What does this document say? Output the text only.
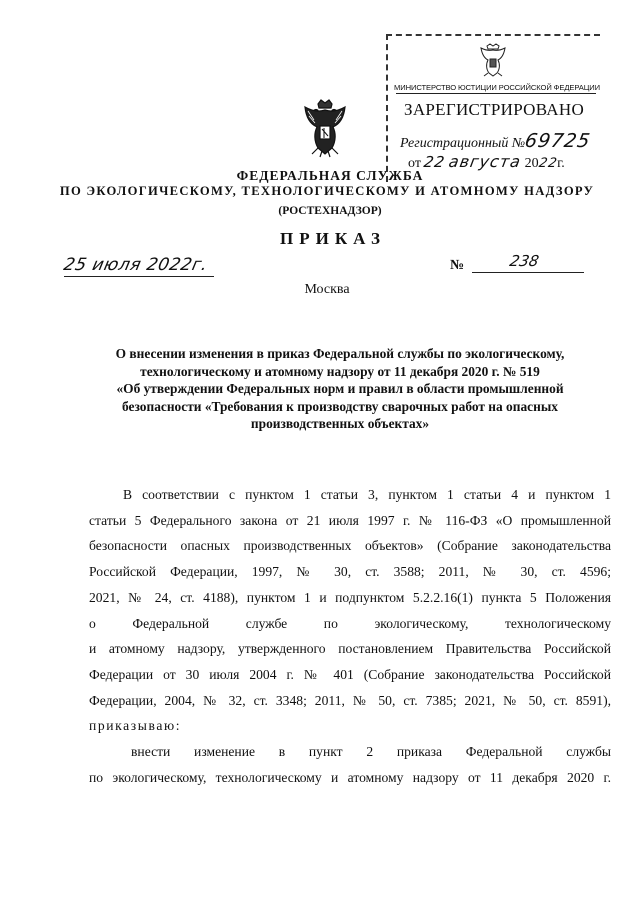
МИНИСТЕРСТВО ЮСТИЦИИ РОССИЙСКОЙ ФЕДЕРАЦИИ
ЗАРЕГИСТРИРОВАНО
Регистрационный №69725
от 22 августа 2022г.
ФЕДЕРАЛЬНАЯ СЛУЖБА
ПО ЭКОЛОГИЧЕСКОМУ, ТЕХНОЛОГИЧЕСКОМУ И АТОМНОМУ НАДЗОРУ
(РОСТЕХНАДЗОР)
ПРИКАЗ
25 июля 2022г.	№	238
Москва
О внесении изменения в приказ Федеральной службы по экологическому,
технологическому и атомному надзору от 11 декабря 2020 г. № 519
«Об утверждении Федеральных норм и правил в области промышленной
безопасности «Требования к производству сварочных работ на опасных
производственных объектах»
В соответствии с пунктом 1 статьи 3, пунктом 1 статьи 4 и пунктом 1
статьи 5 Федерального закона от 21 июля 1997 г. № 116-ФЗ «О промышленной
безопасности опасных производственных объектов» (Собрание законодательства
Российской Федерации, 1997, № 30, ст. 3588; 2011, № 30, ст. 4596;
2021, № 24, ст. 4188), пунктом 1 и подпунктом 5.2.2.16(1) пункта 5 Положения
о Федеральной службе по экологическому, технологическому
и атомному надзору, утвержденного постановлением Правительства Российской
Федерации от 30 июля 2004 г. № 401 (Собрание законодательства Российской
Федерации, 2004, № 32, ст. 3348; 2011, № 50, ст. 7385; 2021, № 50, ст. 8591),
приказываю:
внести изменение в пункт 2 приказа Федеральной службы
по экологическому, технологическому и атомному надзору от 11 декабря 2020 г.
